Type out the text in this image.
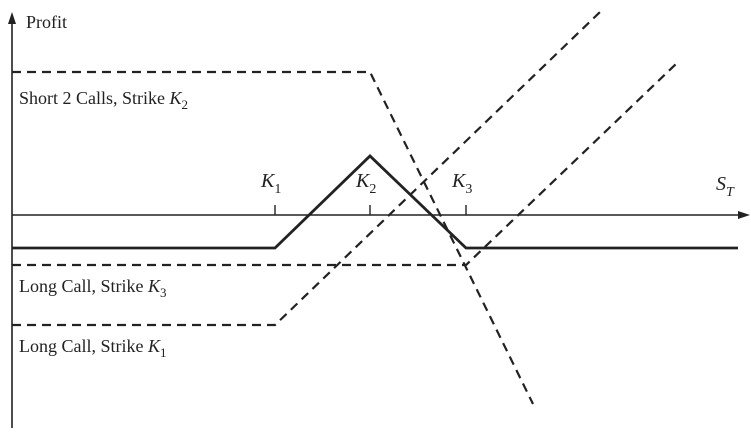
Profit
$S_T$
$K_1$	$K_2$	$K_3$
Short 2 Calls, Strike $K_2$
Long Call, Strike $K_3$
Long Call, Strike $K_1$
